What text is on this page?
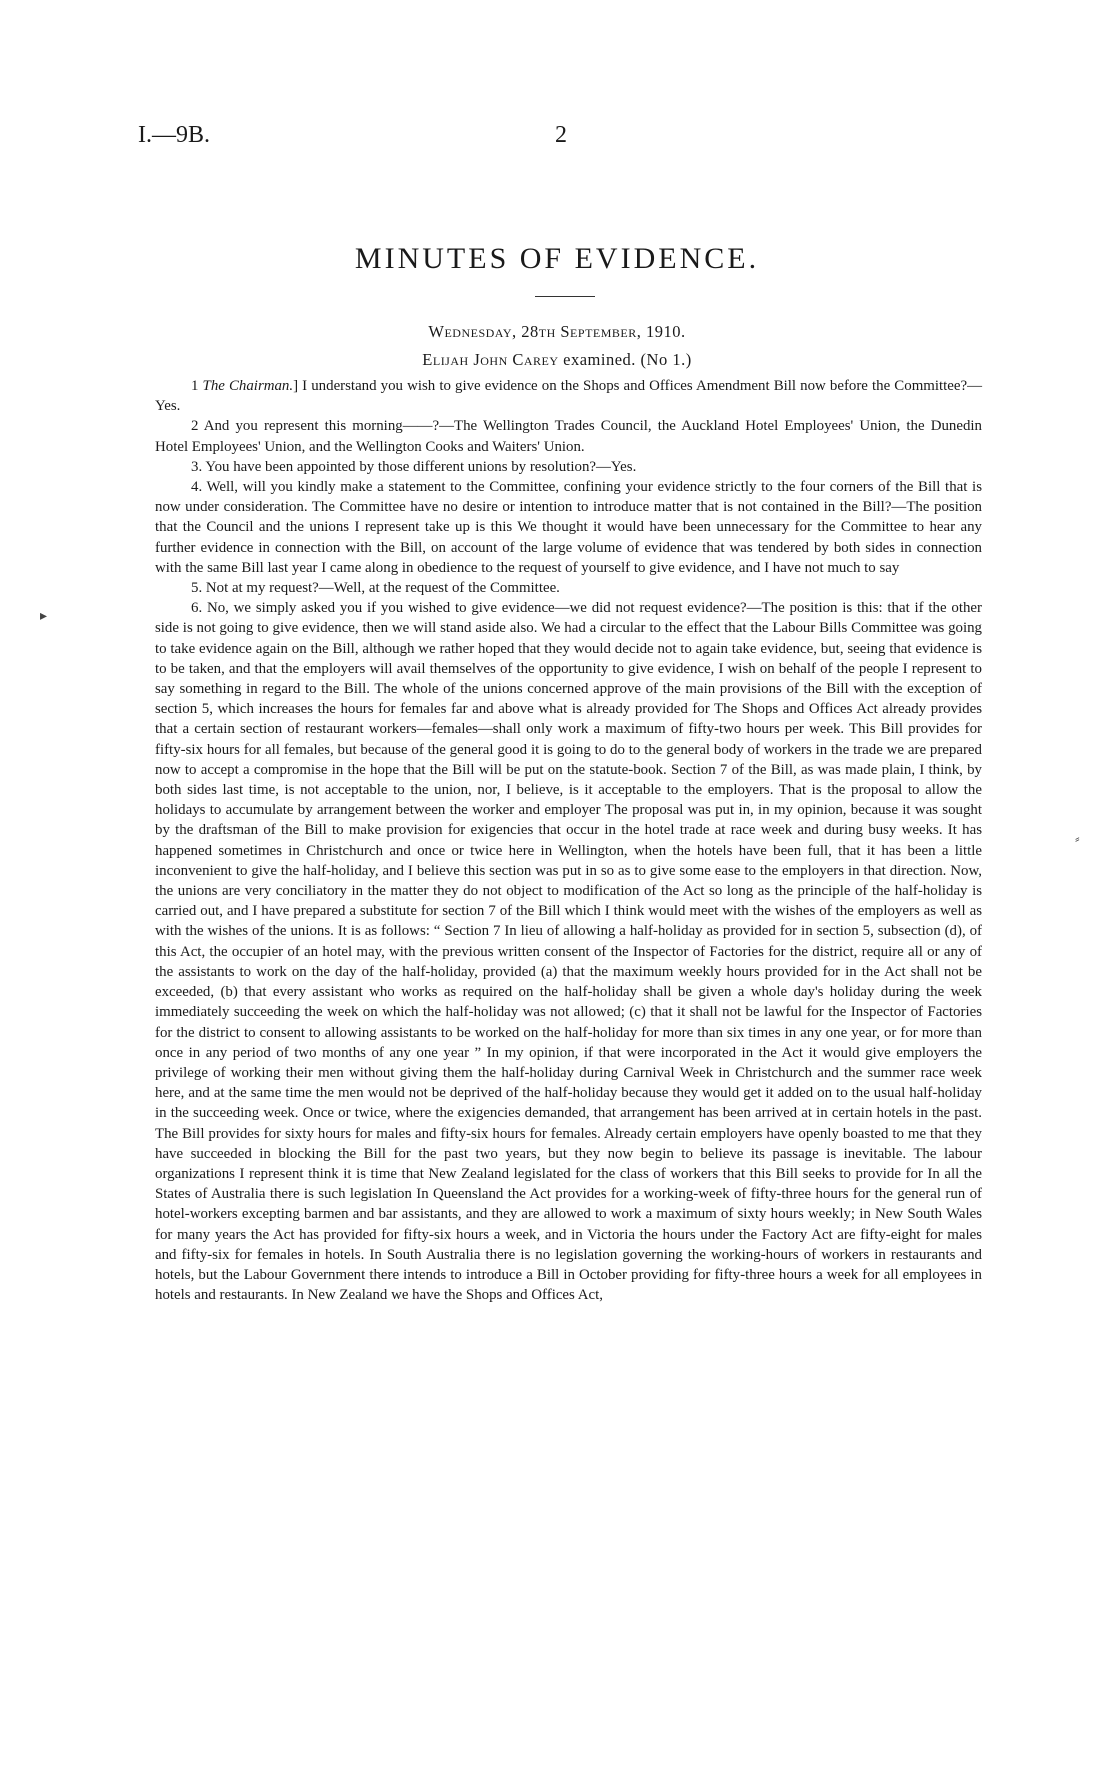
I.—9B.	2
MINUTES OF EVIDENCE.
Wednesday, 28th September, 1910.
Elijah John Carey examined. (No 1.)

1 The Chairman.] I understand you wish to give evidence on the Shops and Offices Amendment Bill now before the Committee?—Yes.

2 And you represent this morning——?—The Wellington Trades Council, the Auckland Hotel Employees' Union, the Dunedin Hotel Employees' Union, and the Wellington Cooks and Waiters' Union.

3. You have been appointed by those different unions by resolution?—Yes.

4. Well, will you kindly make a statement to the Committee, confining your evidence strictly to the four corners of the Bill that is now under consideration. The Committee have no desire or intention to introduce matter that is not contained in the Bill?—The position that the Council and the unions I represent take up is this We thought it would have been unnecessary for the Committee to hear any further evidence in connection with the Bill, on account of the large volume of evidence that was tendered by both sides in connection with the same Bill last year I came along in obedience to the request of yourself to give evidence, and I have not much to say

5. Not at my request?—Well, at the request of the Committee.

6. No, we simply asked you if you wished to give evidence—we did not request evidence?—The position is this: that if the other side is not going to give evidence, then we will stand aside also. We had a circular to the effect that the Labour Bills Committee was going to take evidence again on the Bill, although we rather hoped that they would decide not to again take evidence, but, seeing that evidence is to be taken, and that the employers will avail themselves of the opportunity to give evidence, I wish on behalf of the people I represent to say something in regard to the Bill. The whole of the unions concerned approve of the main provisions of the Bill with the exception of section 5, which increases the hours for females far and above what is already provided for The Shops and Offices Act already provides that a certain section of restaurant workers—females—shall only work a maximum of fifty-two hours per week. This Bill provides for fifty-six hours for all females, but because of the general good it is going to do to the general body of workers in the trade we are prepared now to accept a compromise in the hope that the Bill will be put on the statute-book. Section 7 of the Bill, as was made plain, I think, by both sides last time, is not acceptable to the union, nor, I believe, is it acceptable to the employers. That is the proposal to allow the holidays to accumulate by arrangement between the worker and employer The proposal was put in, in my opinion, because it was sought by the draftsman of the Bill to make provision for exigencies that occur in the hotel trade at race week and during busy weeks. It has happened sometimes in Christchurch and once or twice here in Wellington, when the hotels have been full, that it has been a little inconvenient to give the half-holiday, and I believe this section was put in so as to give some ease to the employers in that direction. Now, the unions are very conciliatory in the matter they do not object to modification of the Act so long as the principle of the half-holiday is carried out, and I have prepared a substitute for section 7 of the Bill which I think would meet with the wishes of the employers as well as with the wishes of the unions. It is as follows: “ Section 7 In lieu of allowing a half-holiday as provided for in section 5, subsection (d), of this Act, the occupier of an hotel may, with the previous written consent of the Inspector of Factories for the district, require all or any of the assistants to work on the day of the half-holiday, provided (a) that the maximum weekly hours provided for in the Act shall not be exceeded, (b) that every assistant who works as required on the half-holiday shall be given a whole day's holiday during the week immediately succeeding the week on which the half-holiday was not allowed; (c) that it shall not be lawful for the Inspector of Factories for the district to consent to allowing assistants to be worked on the half-holiday for more than six times in any one year, or for more than once in any period of two months of any one year ” In my opinion, if that were incorporated in the Act it would give employers the privilege of working their men without giving them the half-holiday during Carnival Week in Christchurch and the summer race week here, and at the same time the men would not be deprived of the half-holiday because they would get it added on to the usual half-holiday in the succeeding week. Once or twice, where the exigencies demanded, that arrangement has been arrived at in certain hotels in the past. The Bill provides for sixty hours for males and fifty-six hours for females. Already certain employers have openly boasted to me that they have succeeded in blocking the Bill for the past two years, but they now begin to believe its passage is inevitable. The labour organizations I represent think it is time that New Zealand legislated for the class of workers that this Bill seeks to provide for In all the States of Australia there is such legislation In Queensland the Act provides for a working-week of fifty-three hours for the general run of hotel-workers excepting barmen and bar assistants, and they are allowed to work a maximum of sixty hours weekly; in New South Wales for many years the Act has provided for fifty-six hours a week, and in Victoria the hours under the Factory Act are fifty-eight for males and fifty-six for females in hotels. In South Australia there is no legislation governing the working-hours of workers in restaurants and hotels, but the Labour Government there intends to introduce a Bill in October providing for fifty-three hours a week for all employees in hotels and restaurants. In New Zealand we have the Shops and Offices Act,

▸
⸗
